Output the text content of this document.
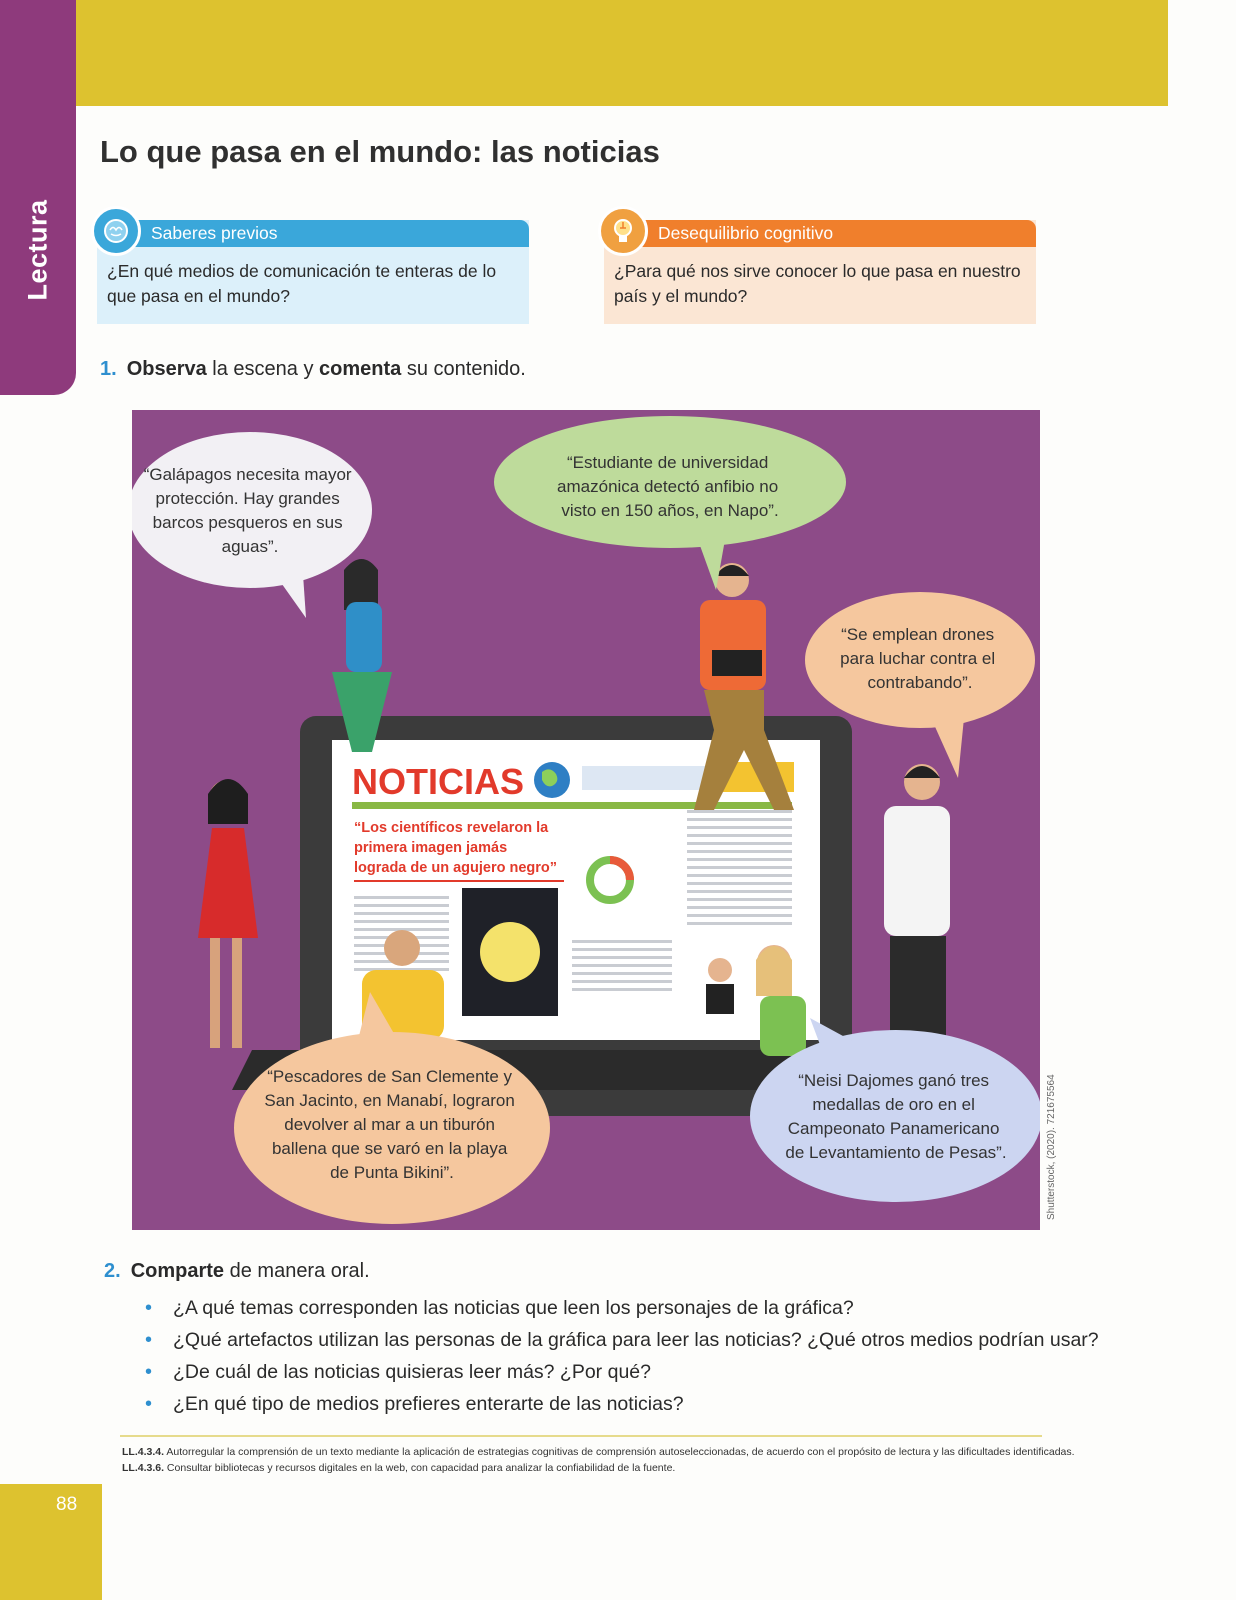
Lectura
Lo que pasa en el mundo: las noticias
Saberes previos
¿En qué medios de comunicación te enteras de lo
que pasa en el mundo?
Desequilibrio cognitivo
¿Para qué nos sirve conocer lo que pasa en nuestro
país y el mundo?
1. Observa la escena y comenta su contenido.
NOTICIAS
“Los científicos revelaron la primera imagen jamás lograda de un agujero negro”
“Galápagos necesita mayor protección. Hay grandes barcos pesqueros en sus aguas”.
“Estudiante de universidad amazónica detectó anfibio no visto en 150 años, en Napo”.
“Se emplean drones para luchar contra el contrabando”.
“Pescadores de San Clemente y San Jacinto, en Manabí, lograron devolver al mar a un tiburón ballena que se varó en la playa de Punta Bikini”.
“Neisi Dajomes ganó tres medallas de oro en el Campeonato Panamericano de Levantamiento de Pesas”.	Shutterstock, (2020). 721675564
2. Comparte de manera oral.
• ¿A qué temas corresponden las noticias que leen los personajes de la gráfica?
• ¿Qué artefactos utilizan las personas de la gráfica para leer las noticias? ¿Qué otros medios podrían usar?
• ¿De cuál de las noticias quisieras leer más? ¿Por qué?
• ¿En qué tipo de medios prefieres enterarte de las noticias?
LL.4.3.4. Autorregular la comprensión de un texto mediante la aplicación de estrategias cognitivas de comprensión autoseleccionadas, de acuerdo con el propósito de lectura y las dificultades identificadas.
LL.4.3.6. Consultar bibliotecas y recursos digitales en la web, con capacidad para analizar la confiabilidad de la fuente.
88
